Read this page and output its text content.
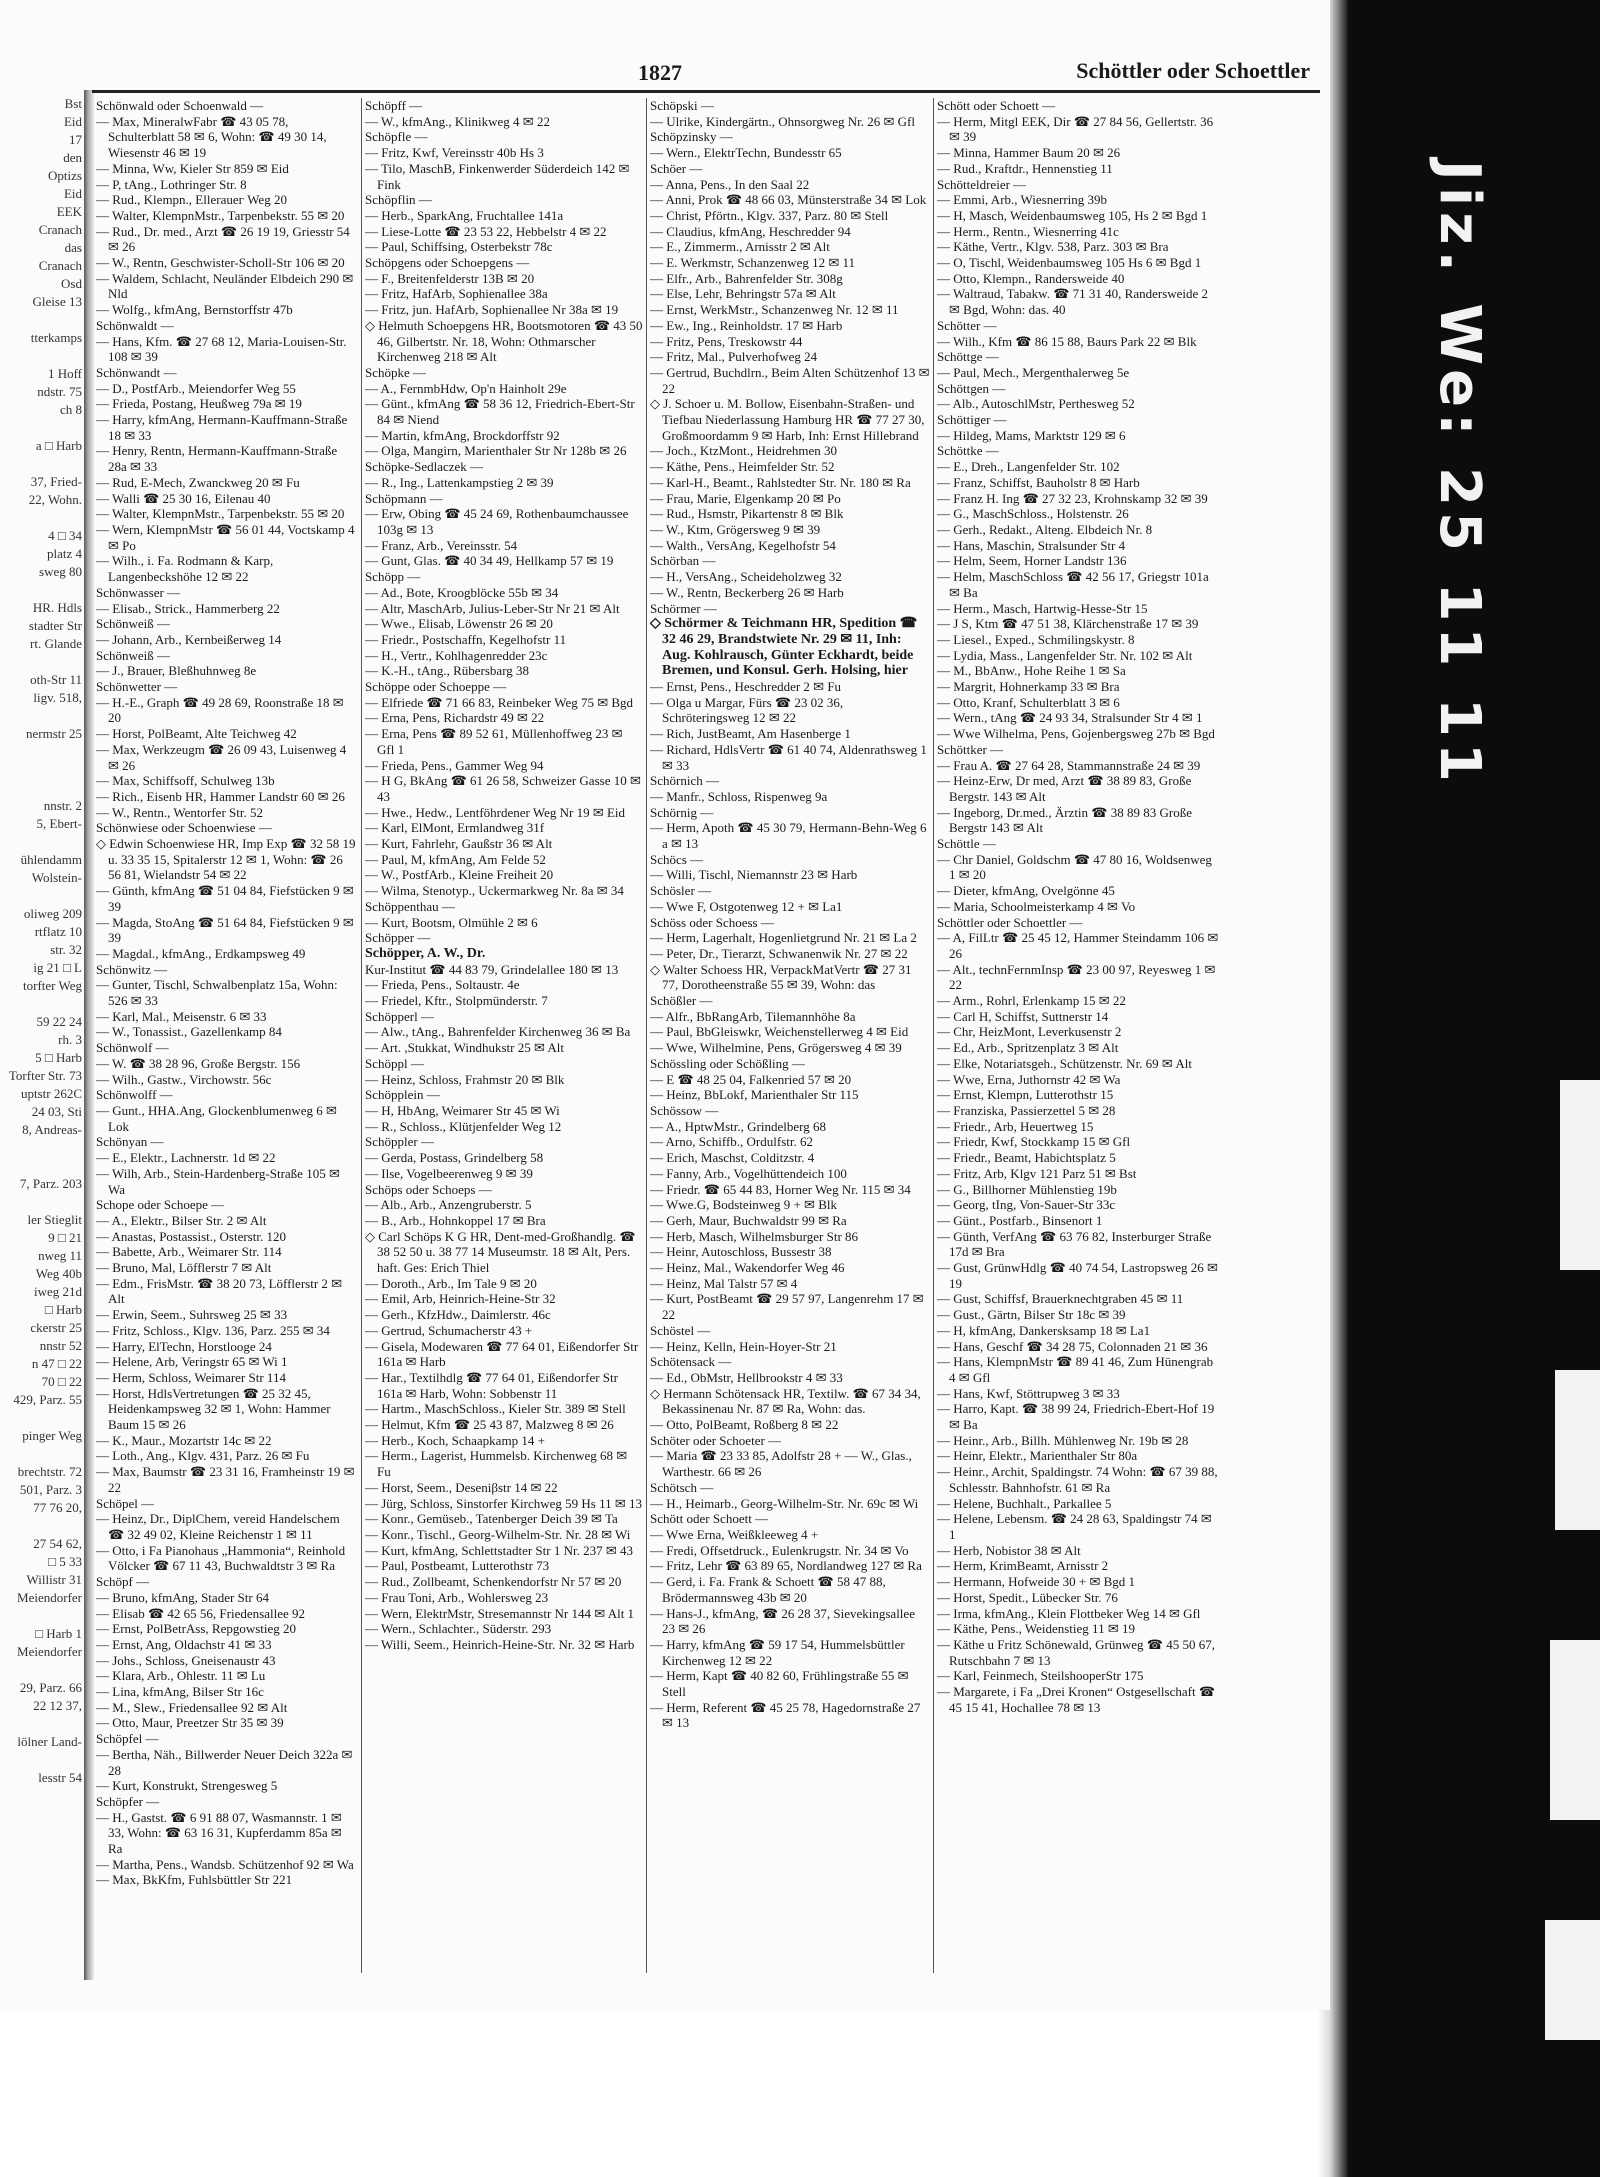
Bst
Eid
17
den
Optizs
Eid
EEK
Cranach
das
Cranach
Osd
Gleise 13

tterkamps

1 Hoff
ndstr. 75
ch 8

a □ Harb

37, Fried-
22, Wohn.

4 □ 34
platz 4
sweg 80

HR. Hdls
stadter Str
rt. Glande

oth-Str 11
ligv. 518,

nermstr 25

nnstr. 2
5, Ebert-

ühlendamm
Wolstein-

oliweg 209
rtflatz 10
str. 32
ig 21 □ L
torfter Weg

59 22 24
rh. 3
5 □ Harb
Torfter Str. 73
uptstr 262C
24 03, Sti
8, Andreas-

7, Parz. 203

ler Stieglit
9 □ 21
nweg 11
Weg 40b
iweg 21d
□ Harb
ckerstr 25
nnstr 52
n 47 □ 22
70 □ 22
429, Parz. 55

pinger Weg

brechtstr. 72
501, Parz. 3
77 76 20,

27 54 62,
□ 5 33
Willistr 31
Meiendorfer

□ Harb 1
Meiendorfer

29, Parz. 66
22 12 37,

lölner Land-

lesstr 54
1827	Schöttler oder Schoettler

Schönwald oder Schoenwald —

— Max, MineralwFabr ☎ 43 05 78, Schulterblatt 58 ✉ 6, Wohn: ☎ 49 30 14, Wiesenstr 46 ✉ 19

— Minna, Ww, Kieler Str 859 ✉ Eid

— P, tAng., Lothringer Str. 8

— Rud., Klempn., Elleraueг Weg 20

— Walter, KlempnMstr., Tarpenbekstr. 55 ✉ 20

— Rud., Dr. med., Arzt ☎ 26 19 19, Griesstr 54 ✉ 26

— W., Rentn, Geschwister-Scholl-Str 106 ✉ 20

— Waldem, Schlacht, Neuländer Elbdeich 290 ✉ Nld

— Wolfg., kfmAng, Bernstorffstr 47b

Schönwaldt —

— Hans, Kfm. ☎ 27 68 12, Maria-Louisen-Str. 108 ✉ 39

Schönwandt —

— D., PostfArb., Meiendorfer Weg 55

— Frieda, Postang, Heußweg 79a ✉ 19

— Harry, kfmAng, Hermann-Kauffmann-Straße 18 ✉ 33

— Henry, Rentn, Hermann-Kauffmann-Straße 28a ✉ 33

— Rud, E-Mech, Zwanckweg 20 ✉ Fu

— Walli ☎ 25 30 16, Eilenau 40

— Walter, KlempnMstr., Tarpenbekstr. 55 ✉ 20

— Wern, KlempnMstr ☎ 56 01 44, Voctskamp 4 ✉ Po

— Wilh., i. Fa. Rodmann & Karp, Langenbeckshöhe 12 ✉ 22

Schönwasser —

— Elisab., Strick., Hammerberg 22

Schönweiß —

— Johann, Arb., Kernbeißerweg 14

Schönweiß —

— J., Brauer, Bleßhuhnweg 8e

Schönwetter —

— H.-E., Graph ☎ 49 28 69, Roonstraße 18 ✉ 20

— Horst, PolBeamt, Alte Teichweg 42

— Max, Werkzeugm ☎ 26 09 43, Luisenweg 4 ✉ 26

— Max, Schiffsoff, Schulweg 13b

— Rich., Eisenb HR, Hammer Landstr 60 ✉ 26

— W., Rentn., Wentorfer Str. 52

Schönwiese oder Schoenwiese —

◇ Edwin Schoenwiese HR, Imp Exp ☎ 32 58 19 u. 33 35 15, Spitalerstr 12 ✉ 1, Wohn: ☎ 26 56 81, Wielandstr 54 ✉ 22

— Günth, kfmAng ☎ 51 04 84, Fiefstücken 9 ✉ 39

— Magda, StoAng ☎ 51 64 84, Fiefstücken 9 ✉ 39

— Magdal., kfmAng., Erdkampsweg 49

Schönwitz —

— Gunter, Tischl, Schwalbenplatz 15a, Wohn: 526 ✉ 33

— Karl, Mal., Meisenstr. 6 ✉ 33

— W., Tonassist., Gazellenkamp 84

Schönwolf —

— W. ☎ 38 28 96, Große Bergstr. 156

— Wilh., Gastw., Virchowstr. 56c

Schönwolff —

— Gunt., HHA.Ang, Glockenblumenweg 6 ✉ Lok

Schönyan —

— E., Elektr., Lachnerstr. 1d ✉ 22

— Wilh, Arb., Stein-Hardenberg-Straße 105 ✉ Wa

Schope oder Schoepe —

— A., Elektr., Bilser Str. 2 ✉ Alt

— Anastas, Postassist., Osterstr. 120

— Babette, Arb., Weimarer Str. 114

— Bruno, Mal, Löfflerstr 7 ✉ Alt

— Edm., FrisMstr. ☎ 38 20 73, Löfflerstr 2 ✉ Alt

— Erwin, Seem., Suhrsweg 25 ✉ 33

— Fritz, Schloss., Klgv. 136, Parz. 255 ✉ 34

— Harry, ElTechn, Horstlooge 24

— Helene, Arb, Veringstr 65 ✉ Wi 1

— Herm, Schloss, Weimarer Str 114

— Horst, HdlsVertretungen ☎ 25 32 45, Heidenkampsweg 32 ✉ 1, Wohn: Hammer Baum 15 ✉ 26

— K., Maur., Mozartstr 14c ✉ 22

— Loth., Ang., Klgv. 431, Parz. 26 ✉ Fu

— Max, Baumstr ☎ 23 31 16, Framheinstr 19 ✉ 22

Schöpel —

— Heinz, Dr., DiplChem, vereid Handelschem ☎ 32 49 02, Kleine Reichenstr 1 ✉ 11

— Otto, i Fa Pianohaus „Hammonia“, Reinhold Völcker ☎ 67 11 43, Buchwaldtstr 3 ✉ Ra

Schöpf —

— Bruno, kfmAng, Stader Str 64

— Elisab ☎ 42 65 56, Friedensallee 92

— Ernst, PolBetrAss, Repgowstieg 20

— Ernst, Ang, Oldachstr 41 ✉ 33

— Johs., Schloss, Gneisenaustr 43

— Klara, Arb., Ohlestr. 11 ✉ Lu

— Lina, kfmAng, Bilser Str 16c

— M., Slew., Friedensallee 92 ✉ Alt

— Otto, Maur, Preetzer Str 35 ✉ 39

Schöpfel —

— Bertha, Näh., Billwerder Neuer Deich 322a ✉ 28

— Kurt, Konstrukt, Strengesweg 5

Schöpfer —

— H., Gastst. ☎ 6 91 88 07, Wasmannstr. 1 ✉ 33, Wohn: ☎ 63 16 31, Kupferdamm 85a ✉ Ra

— Martha, Pens., Wandsb. Schützenhof 92 ✉ Wa

— Max, BkKfm, Fuhlsbüttler Str 221

Schöpff —

— W., kfmAng., Klinikweg 4 ✉ 22

Schöpfle —

— Fritz, Kwf, Vereinsstr 40b Hs 3

— Tilo, MaschB, Finkenwerder Süderdeich 142 ✉ Fink

Schöpflin —

— Herb., SparkAng, Fruchtallee 141a

— Liese-Lotte ☎ 23 53 22, Hebbelstr 4 ✉ 22

— Paul, Schiffsing, Osterbekstr 78c

Schöpgens oder Schoepgens —

— F., Breitenfelderstr 13B ✉ 20

— Fritz, HafArb, Sophienallee 38a

— Fritz, jun. HafArb, Sophienallee Nr 38a ✉ 19

◇ Helmuth Schoepgens HR, Bootsmotoren ☎ 43 50 46, Gilbertstr. Nr. 18, Wohn: Othmarscher Kirchenweg 218 ✉ Alt

Schöpke —

— A., FernmbHdw, Op'n Hainholt 29e

— Günt., kfmAng ☎ 58 36 12, Friedrich-Ebert-Str 84 ✉ Niend

— Martin, kfmAng, Brockdorffstr 92

— Olga, Mangirn, Marienthaler Str Nr 128b ✉ 26

Schöpke-Sedlaczek —

— R., Ing., Lattenkampstieg 2 ✉ 39

Schöpmann —

— Erw, Obing ☎ 45 24 69, Rothenbaumchaussee 103g ✉ 13

— Franz, Arb., Vereinsstr. 54

— Gunt, Glas. ☎ 40 34 49, Hellkamp 57 ✉ 19

Schöpp —

— Ad., Bote, Kroogblöcke 55b ✉ 34

— Altr, MaschArb, Julius-Leber-Str Nr 21 ✉ Alt

— Wwe., Elisab, Löwenstr 26 ✉ 20

— Friedr., Postschaffn, Kegelhofstr 11

— H., Vertr., Kohlhagenredder 23c

— K.-H., tAng., Rübersbarg 38

Schöppe oder Schoeppe —

— Elfriede ☎ 71 66 83, Reinbeker Weg 75 ✉ Bgd

— Erna, Pens, Richardstr 49 ✉ 22

— Erna, Pens ☎ 89 52 61, Müllenhoffweg 23 ✉ Gfl 1

— Frieda, Pens., Gammer Weg 94

— H G, BkAng ☎ 61 26 58, Schweizer Gasse 10 ✉ 43

— Hwe., Hedw., Lentföhrdener Weg Nr 19 ✉ Eid

— Karl, ElMont, Ermlandweg 31f

— Kurt, Fahrlehr, Gaußstr 36 ✉ Alt

— Paul, M, kfmAng, Am Felde 52

— W., PostfArb., Kleine Freiheit 20

— Wilma, Stenotyp., Uckermarkweg Nr. 8a ✉ 34

Schöppenthau —

— Kurt, Bootsm, Olmühle 2 ✉ 6

Schöpper —

Schöpper, A. W., Dr.

Kur-Institut ☎ 44 83 79, Grindelallee 180 ✉ 13

— Frieda, Pens., Soltaustr. 4e

— Friedel, Kftr., Stolpmünderstr. 7

Schöpperl —

— Alw., tAng., Bahrenfelder Kirchenweg 36 ✉ Ba

— Art. ,Stukkat, Windhukstr 25 ✉ Alt

Schöppl —

— Heinz, Schloss, Frahmstr 20 ✉ Blk

Schöpplein —

— H, HbAng, Weimarer Str 45 ✉ Wi

— R., Schloss., Klütjenfelder Weg 12

Schöppler —

— Gerda, Postass, Grindelberg 58

— Ilse, Vogelbeerenweg 9 ✉ 39

Schöps oder Schoeps —

— Alb., Arb., Anzengruberstr. 5

— B., Arb., Hohnkoppel 17 ✉ Bra

◇ Carl Schöps K G HR, Dent-med-Großhandlg. ☎ 38 52 50 u. 38 77 14 Museumstr. 18 ✉ Alt, Pers. haft. Ges: Erich Thiel

— Doroth., Arb., Im Tale 9 ✉ 20

— Emil, Arb, Heinrich-Heine-Str 32

— Gerh., KfzHdw., Daimlerstr. 46c

— Gertrud, Schumacherstr 43 +

— Gisela, Modewaren ☎ 77 64 01, Eißendorfer Str 161a ✉ Harb

— Har., Textilhdlg ☎ 77 64 01, Eißendorfer Str 161a ✉ Harb, Wohn: Sobbenstr 11

— Hartm., MaschSchloss., Kieler Str. 389 ✉ Stell

— Helmut, Kfm ☎ 25 43 87, Malzweg 8 ✉ 26

— Herb., Koch, Schaapkamp 14 +

— Herm., Lagerist, Hummelsb. Kirchenweg 68 ✉ Fu

— Horst, Seem., Deseniβstr 14 ✉ 22

— Jürg, Schloss, Sinstorfer Kirchweg 59 Hs 11 ✉ 13

— Konr., Gemüseb., Tatenberger Deich 39 ✉ Ta

— Konr., Tischl., Georg-Wilhelm-Str. Nr. 28 ✉ Wi

— Kurt, kfmAng, Schlettstadter Str 1 Nr. 237 ✉ 43

— Paul, Postbeamt, Lutterothstr 73

— Rud., Zollbeamt, Schenkendorfstr Nr 57 ✉ 20

— Frau Toni, Arb., Wohlersweg 23

— Wern, ElektrMstr, Stresemannstr Nr 144 ✉ Alt 1

— Wern., Schlachter., Süderstr. 293

— Willi, Seem., Heinrich-Heine-Str. Nr. 32 ✉ Harb

Schöpski —

— Ulrike, Kindergärtn., Ohnsorgweg Nr. 26 ✉ Gfl

Schöpzinsky —

— Wern., ElektrTechn, Bundesstr 65

Schöer —

— Anna, Pens., In den Saal 22

— Anni, Prok ☎ 48 66 03, Münsterstraße 34 ✉ Lok

— Christ, Pförtn., Klgv. 337, Parz. 80 ✉ Stell

— Claudius, kfmAng, Heschredder 94

— E., Zimmerm., Arnisstr 2 ✉ Alt

— E. Werkmstr, Schanzenweg 12 ✉ 11

— Elfr., Arb., Bahrenfelder Str. 308g

— Else, Lehr, Behringstr 57a ✉ Alt

— Ernst, WerkMstr., Schanzenweg Nr. 12 ✉ 11

— Ew., Ing., Reinholdstr. 17 ✉ Harb

— Fritz, Pens, Treskowstr 44

— Fritz, Mal., Pulverhofweg 24

— Gertrud, Buchdlrn., Beim Alten Schützenhof 13 ✉ 22

◇ J. Schoer u. M. Bollow, Eisenbahn-Straßen- und Tiefbau Niederlassung Hamburg HR ☎ 77 27 30, Großmoordamm 9 ✉ Harb, Inh: Ernst Hillebrand

— Joch., KtzMont., Heidrehmen 30

— Käthe, Pens., Heimfelder Str. 52

— Karl-H., Beamt., Rahlstedter Str. Nr. 180 ✉ Ra

— Frau, Marie, Elgenkamp 20 ✉ Po

— Rud., Hsmstr, Pikartenstr 8 ✉ Blk

— W., Ktm, Grögersweg 9 ✉ 39

— Walth., VersAng, Kegelhofstr 54

Schörban —

— H., VersAng., Scheideholzweg 32

— W., Rentn, Beckerberg 26 ✉ Harb

Schörmer —

◇ Schörmer & Teichmann HR, Spedition ☎ 32 46 29, Brandstwiete Nr. 29 ✉ 11, Inh: Aug. Kohlrausch, Günter Eckhardt, beide Bremen, und Konsul. Gerh. Holsing, hier

— Ernst, Pens., Heschredder 2 ✉ Fu

— Olga u Margar, Fürs ☎ 23 02 36, Schröteringsweg 12 ✉ 22

— Rich, JustBeamt, Am Hasenberge 1

— Richard, HdlsVertr ☎ 61 40 74, Aldenrathsweg 1 ✉ 33

Schörnich —

— Manfr., Schloss, Rispenweg 9a

Schörnig —

— Herm, Apoth ☎ 45 30 79, Hermann-Behn-Weg 6 a ✉ 13

Schöcs —

— Willi, Tischl, Niemannstr 23 ✉ Harb

Schösler —

— Wwe F, Ostgotenweg 12 + ✉ La1

Schöss oder Schoess —

— Herm, Lagerhalt, Hogenlietgrund Nr. 21 ✉ La 2

— Peter, Dr., Tierarzt, Schwanenwik Nr. 27 ✉ 22

◇ Walter Schoess HR, VerpackMatVertr ☎ 27 31 77, Dorotheenstraße 55 ✉ 39, Wohn: das

Schößler —

— Alfr., BbRangArb, Tilemannhöhe 8a

— Paul, BbGleiswkr, Weichenstellerweg 4 ✉ Eid

— Wwe, Wilhelmine, Pens, Grögersweg 4 ✉ 39

Schössling oder Schößling —

— E ☎ 48 25 04, Falkenried 57 ✉ 20

— Heinz, BbLokf, Marienthaler Str 115

Schössow —

— A., HptwMstr., Grindelberg 68

— Arno, Schiffb., Ordulfstr. 62

— Erich, Maschst, Colditzstr. 4

— Fanny, Arb., Vogelhüttendeich 100

— Friedr. ☎ 65 44 83, Horner Weg Nr. 115 ✉ 34

— Wwe.G, Bodsteinweg 9 + ✉ Blk

— Gerh, Maur, Buchwaldstr 99 ✉ Ra

— Herb, Masch, Wilhelmsburger Str 86

— Heinr, Autoschloss, Bussestr 38

— Heinz, Mal., Wakendorfer Weg 46

— Heinz, Mal Talstr 57 ✉ 4

— Kurt, PostBeamt ☎ 29 57 97, Langenrehm 17 ✉ 22

Schöstel —

— Heinz, Kelln, Hein-Hoyer-Str 21

Schötensack —

— Ed., ObMstr, Hellbrookstr 4 ✉ 33

◇ Hermann Schötensack HR, Textilw. ☎ 67 34 34, Bekassinenau Nr. 87 ✉ Ra, Wohn: das.

— Otto, PolBeamt, Roßberg 8 ✉ 22

Schöter oder Schoeter —

— Maria ☎ 23 33 85, Adolfstr 28 + — W., Glas., Warthestr. 66 ✉ 26

Schötsch —

— H., Heimarb., Georg-Wilhelm-Str. Nr. 69c ✉ Wi

Schött oder Schoett —

— Wwe Erna, Weißkleeweg 4 +

— Fredi, Offsetdruck., Eulenkrugstr. Nr. 34 ✉ Vo

— Fritz, Lehr ☎ 63 89 65, Nordlandweg 127 ✉ Ra

— Gerd, i. Fa. Frank & Schoett ☎ 58 47 88, Brödermannsweg 43b ✉ 20

— Hans-J., kfmAng, ☎ 26 28 37, Sievekingsallee 23 ✉ 26

— Harry, kfmAng ☎ 59 17 54, Hummelsbüttler Kirchenweg 12 ✉ 22

— Herm, Kapt ☎ 40 82 60, Frühlingstraße 55 ✉ Stell

— Herm, Referent ☎ 45 25 78, Hagedornstraße 27 ✉ 13

Schött oder Schoett —

— Herm, Mitgl EEK, Dir ☎ 27 84 56, Gellertstr. 36 ✉ 39

— Minna, Hammer Baum 20 ✉ 26

— Rud., Kraftdr., Hennenstieg 11

Schötteldreier —

— Emmi, Arb., Wiesnerring 39b

— H, Masch, Weidenbaumsweg 105, Hs 2 ✉ Bgd 1

— Herm., Rentn., Wiesnerring 41c

— Käthe, Vertr., Klgv. 538, Parz. 303 ✉ Bra

— O, Tischl, Weidenbaumsweg 105 Hs 6 ✉ Bgd 1

— Otto, Klempn., Randersweide 40

— Waltraud, Tabakw. ☎ 71 31 40, Randersweide 2 ✉ Bgd, Wohn: das. 40

Schötter —

— Wilh., Kfm ☎ 86 15 88, Baurs Park 22 ✉ Blk

Schöttge —

— Paul, Mech., Mergenthalerweg 5e

Schöttgen —

— Alb., AutoschlMstr, Perthesweg 52

Schöttiger —

— Hildeg, Mams, Marktstr 129 ✉ 6

Schöttke —

— E., Dreh., Langenfelder Str. 102

— Franz, Schiffst, Bauholstr 8 ✉ Harb

— Franz H. Ing ☎ 27 32 23, Krohnskamp 32 ✉ 39

— G., MaschSchloss., Holstenstr. 26

— Gerh., Redakt., Alteng. Elbdeich Nr. 8

— Hans, Maschin, Stralsunder Str 4

— Helm, Seem, Horner Landstr 136

— Helm, MaschSchloss ☎ 42 56 17, Griegstr 101a ✉ Ba

— Herm., Masch, Hartwig-Hesse-Str 15

— J S, Ktm ☎ 47 51 38, Klärchenstraße 17 ✉ 39

— Liesel., Exped., Schmilingskystr. 8

— Lydia, Mass., Langenfelder Str. Nr. 102 ✉ Alt

— M., BbAnw., Hohe Reihe 1 ✉ Sa

— Margrit, Hohnerkamp 33 ✉ Bra

— Otto, Kranf, Schulterblatt 3 ✉ 6

— Wern., tAng ☎ 24 93 34, Stralsunder Str 4 ✉ 1

— Wwe Wilhelma, Pens, Gojenbergsweg 27b ✉ Bgd

Schöttker —

— Frau A. ☎ 27 64 28, Stammannstraße 24 ✉ 39

— Heinz-Erw, Dr med, Arzt ☎ 38 89 83, Große Bergstr. 143 ✉ Alt

— Ingeborg, Dr.med., Ärztin ☎ 38 89 83 Große Bergstr 143 ✉ Alt

Schöttle —

— Chr Daniel, Goldschm ☎ 47 80 16, Woldsenweg 1 ✉ 20

— Dieter, kfmAng, Ovelgönne 45

— Maria, Schoolmeisterkamp 4 ✉ Vo

Schöttler oder Schoettler —

— A, FilLtr ☎ 25 45 12, Hammer Steindamm 106 ✉ 26

— Alt., technFernmInsp ☎ 23 00 97, Reyesweg 1 ✉ 22

— Arm., Rohrl, Erlenkamp 15 ✉ 22

— Carl H, Schiffst, Suttnerstr 14

— Chr, HeizMont, Leverkusenstr 2

— Ed., Arb., Spritzenplatz 3 ✉ Alt

— Elke, Notariatsgeh., Schützenstr. Nr. 69 ✉ Alt

— Wwe, Erna, Juthornstr 42 ✉ Wa

— Ernst, Klempn, Lutterothstr 15

— Franziska, Passierzettel 5 ✉ 28

— Friedr., Arb, Heuertweg 15

— Friedr, Kwf, Stockkamp 15 ✉ Gfl

— Friedr., Beamt, Habichtsplatz 5

— Fritz, Arb, Klgv 121 Parz 51 ✉ Bst

— G., Billhorner Mühlenstieg 19b

— Georg, tIng, Von-Sauer-Str 33c

— Günt., Postfarb., Binsenort 1

— Günth, VerfAng ☎ 63 76 82, Insterburger Straße 17d ✉ Bra

— Gust, GrünwHdlg ☎ 40 74 54, Lastropsweg 26 ✉ 19

— Gust, Schiffsf, Brauerknechtgraben 45 ✉ 11

— Gust., Gärtn, Bilser Str 18c ✉ 39

— H, kfmAng, Dankersksamp 18 ✉ La1

— Hans, Geschf ☎ 34 28 75, Colonnaden 21 ✉ 36

— Hans, KlempnMstr ☎ 89 41 46, Zum Hünengrab 4 ✉ Gfl

— Hans, Kwf, Stöttrupweg 3 ✉ 33

— Harro, Kapt. ☎ 38 99 24, Friedrich-Ebert-Hof 19 ✉ Ba

— Heinr., Arb., Billh. Mühlenweg Nr. 19b ✉ 28

— Heinr, Elektr., Marienthaler Str 80a

— Heinr., Archit, Spaldingstr. 74 Wohn: ☎ 67 39 88, Schlesstr. Bahnhofstr. 61 ✉ Ra

— Helene, Buchhalt., Parkallee 5

— Helene, Lebensm. ☎ 24 28 63, Spaldingstr 74 ✉ 1

— Herb, Nobistor 38 ✉ Alt

— Herm, KrimBeamt, Arnisstr 2

— Hermann, Hofweide 30 + ✉ Bgd 1

— Horst, Spedit., Lübecker Str. 76

— Irma, kfmAng., Klein Flottbeker Weg 14 ✉ Gfl

— Käthe, Pens., Weidenstieg 11 ✉ 19

— Käthe u Fritz Schönewald, Grünweg ☎ 45 50 67, Rutschbahn 7 ✉ 13

— Karl, Feinmech, SteilshooperStr 175

— Margarete, i Fa „Drei Kronen“ Ostgesellschaft ☎ 45 15 41, Hochallee 78 ✉ 13

Jiz. We: 25 11 11
